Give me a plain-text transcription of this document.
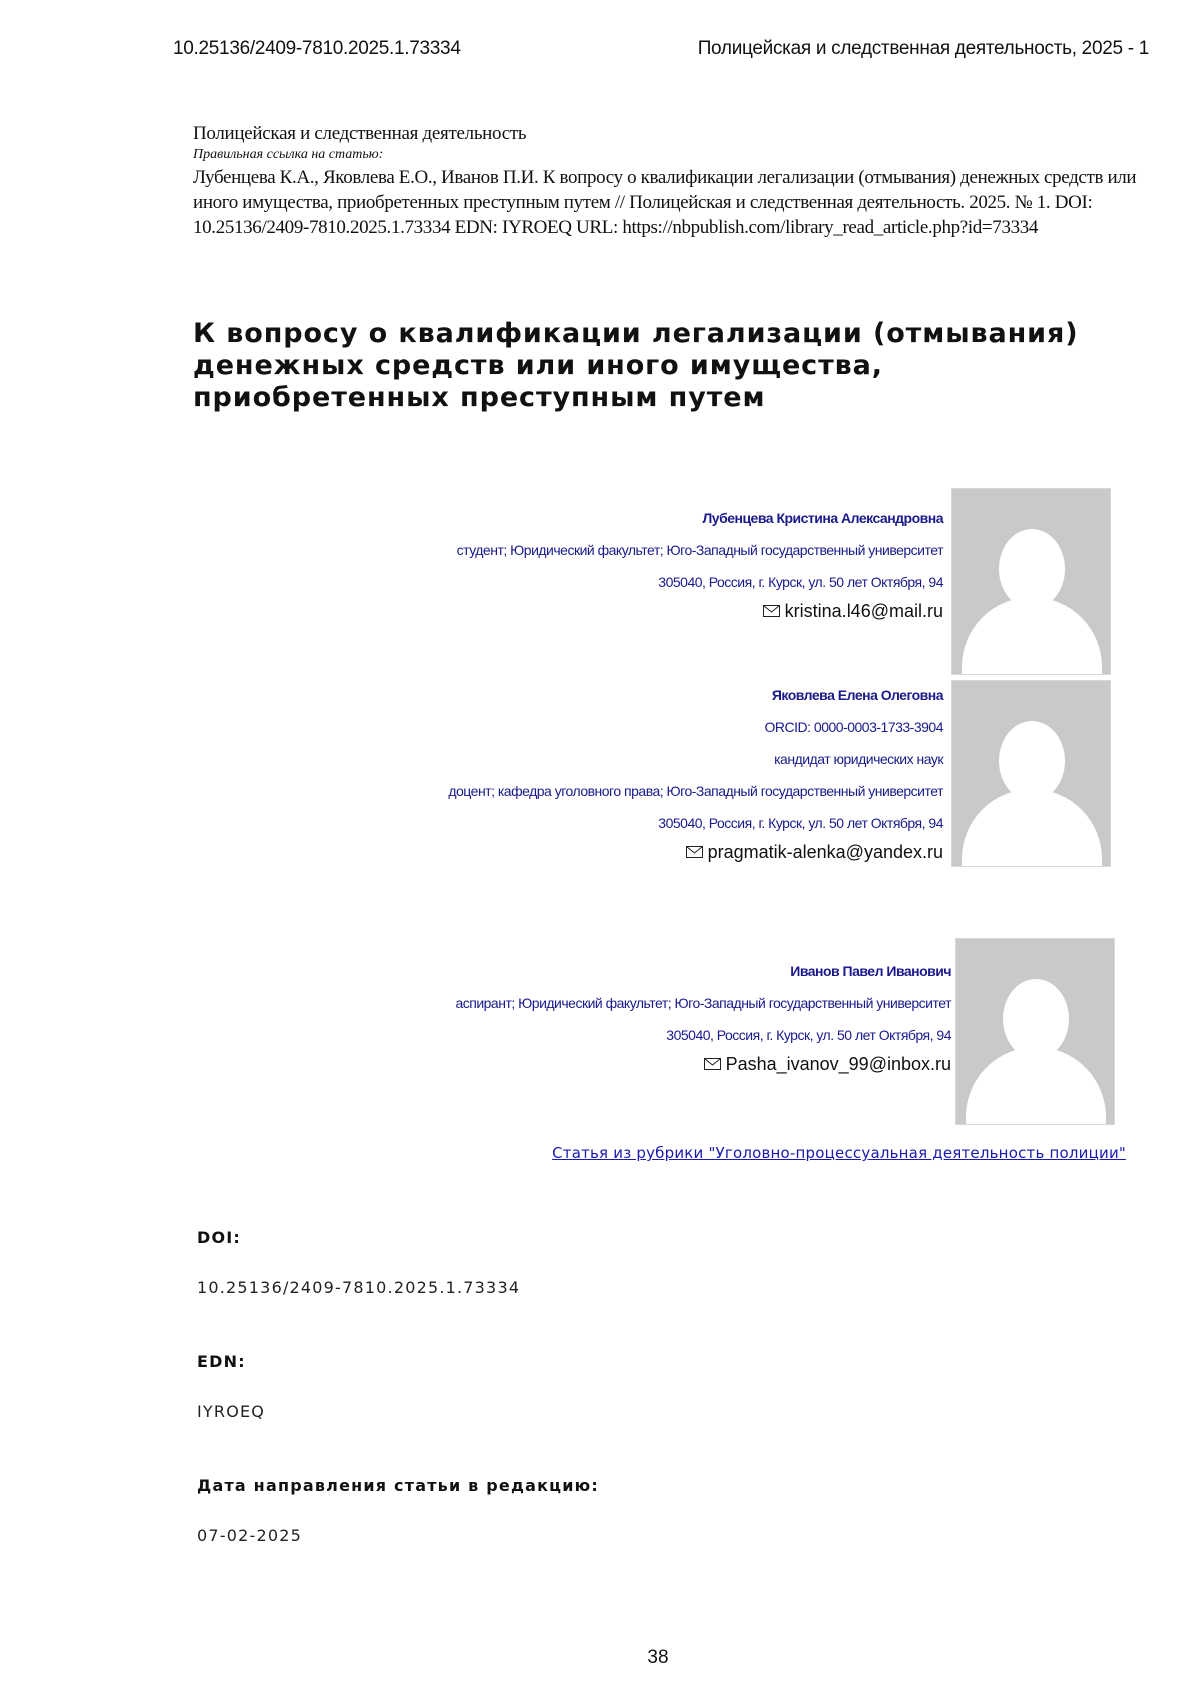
10.25136/2409-7810.2025.1.73334	Полицейская и следственная деятельность, 2025 - 1
Полицейская и следственная деятельность
Правильная ссылка на статью:
Лубенцева К.А., Яковлева Е.О., Иванов П.И. К вопросу о квалификации легализации (отмывания) денежных средств или иного имущества, приобретенных преступным путем // Полицейская и следственная деятельность. 2025. № 1. DOI: 10.25136/2409-7810.2025.1.73334 EDN: IYROEQ URL: https://nbpublish.com/library_read_article.php?id=73334
К вопросу о квалификации легализации (отмывания) денежных средств или иного имущества, приобретенных преступным путем
Лубенцева Кристина Александровна
студент; Юридический факультет; Юго-Западный государственный университет
305040, Россия, г. Курск, ул. 50 лет Октября, 94
kristina.l46@mail.ru
Яковлева Елена Олеговна
ORCID: 0000-0003-1733-3904
кандидат юридических наук
доцент; кафедра уголовного права; Юго-Западный государственный университет
305040, Россия, г. Курск, ул. 50 лет Октября, 94
pragmatik-alenka@yandex.ru
Иванов Павел Иванович
аспирант; Юридический факультет; Юго-Западный государственный университет
305040, Россия, г. Курск, ул. 50 лет Октября, 94
Pasha_ivanov_99@inbox.ru
Статья из рубрики "Уголовно-процессуальная деятельность полиции"
DOI:
10.25136/2409-7810.2025.1.73334
EDN:
IYROEQ
Дата направления статьи в редакцию:
07-02-2025
38
